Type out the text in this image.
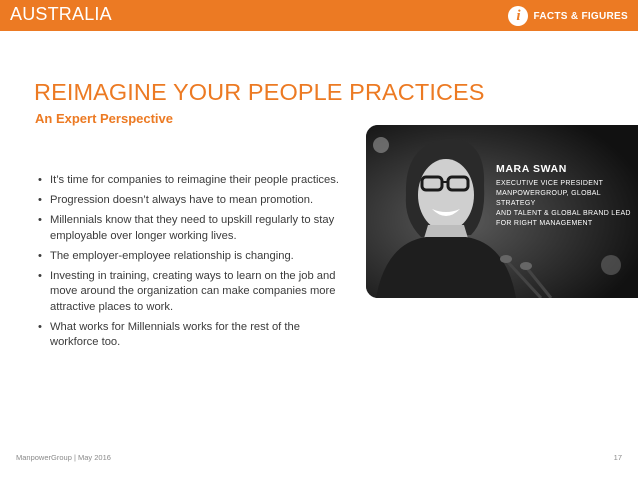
AUSTRALIA	i	FACTS & FIGURES
REIMAGINE YOUR PEOPLE PRACTICES
An Expert Perspective
• It’s time for companies to reimagine their people practices.
• Progression doesn’t always have to mean promotion.
• Millennials know that they need to upskill regularly to stay employable over longer working lives.
• The employer-employee relationship is changing.
• Investing in training, creating ways to learn on the job and move around the organization can make companies more attractive places to work.
• What works for Millennials works for the rest of the workforce too.
MARA SWAN
EXECUTIVE VICE PRESIDENT
MANPOWERGROUP, GLOBAL STRATEGY
AND TALENT & GLOBAL BRAND LEAD
FOR RIGHT MANAGEMENT
ManpowerGroup | May 2016	17
